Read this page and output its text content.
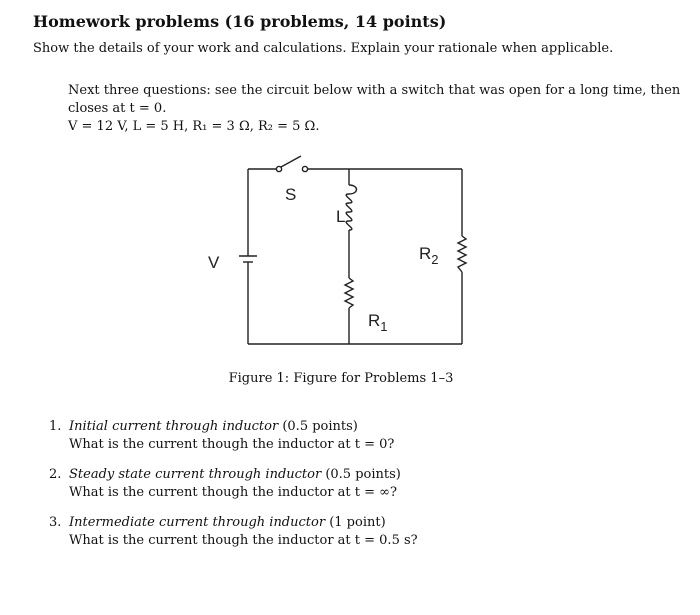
Homework problems (16 problems, 14 points)
Show the details of your work and calculations. Explain your rationale when applicable.
Next three questions: see the circuit below with a switch that was open for a long time, then
closes at t = 0.
V = 12 V, L = 5 H, R₁ = 3 Ω, R₂ = 5 Ω.
S
L
V	$R_2$
$R_1$
Figure 1: Figure for Problems 1–3
1. Initial current through inductor (0.5 points)
What is the current though the inductor at t = 0?
2. Steady state current through inductor (0.5 points)
What is the current though the inductor at t = ∞?
3. Intermediate current through inductor (1 point)
What is the current though the inductor at t = 0.5 s?
